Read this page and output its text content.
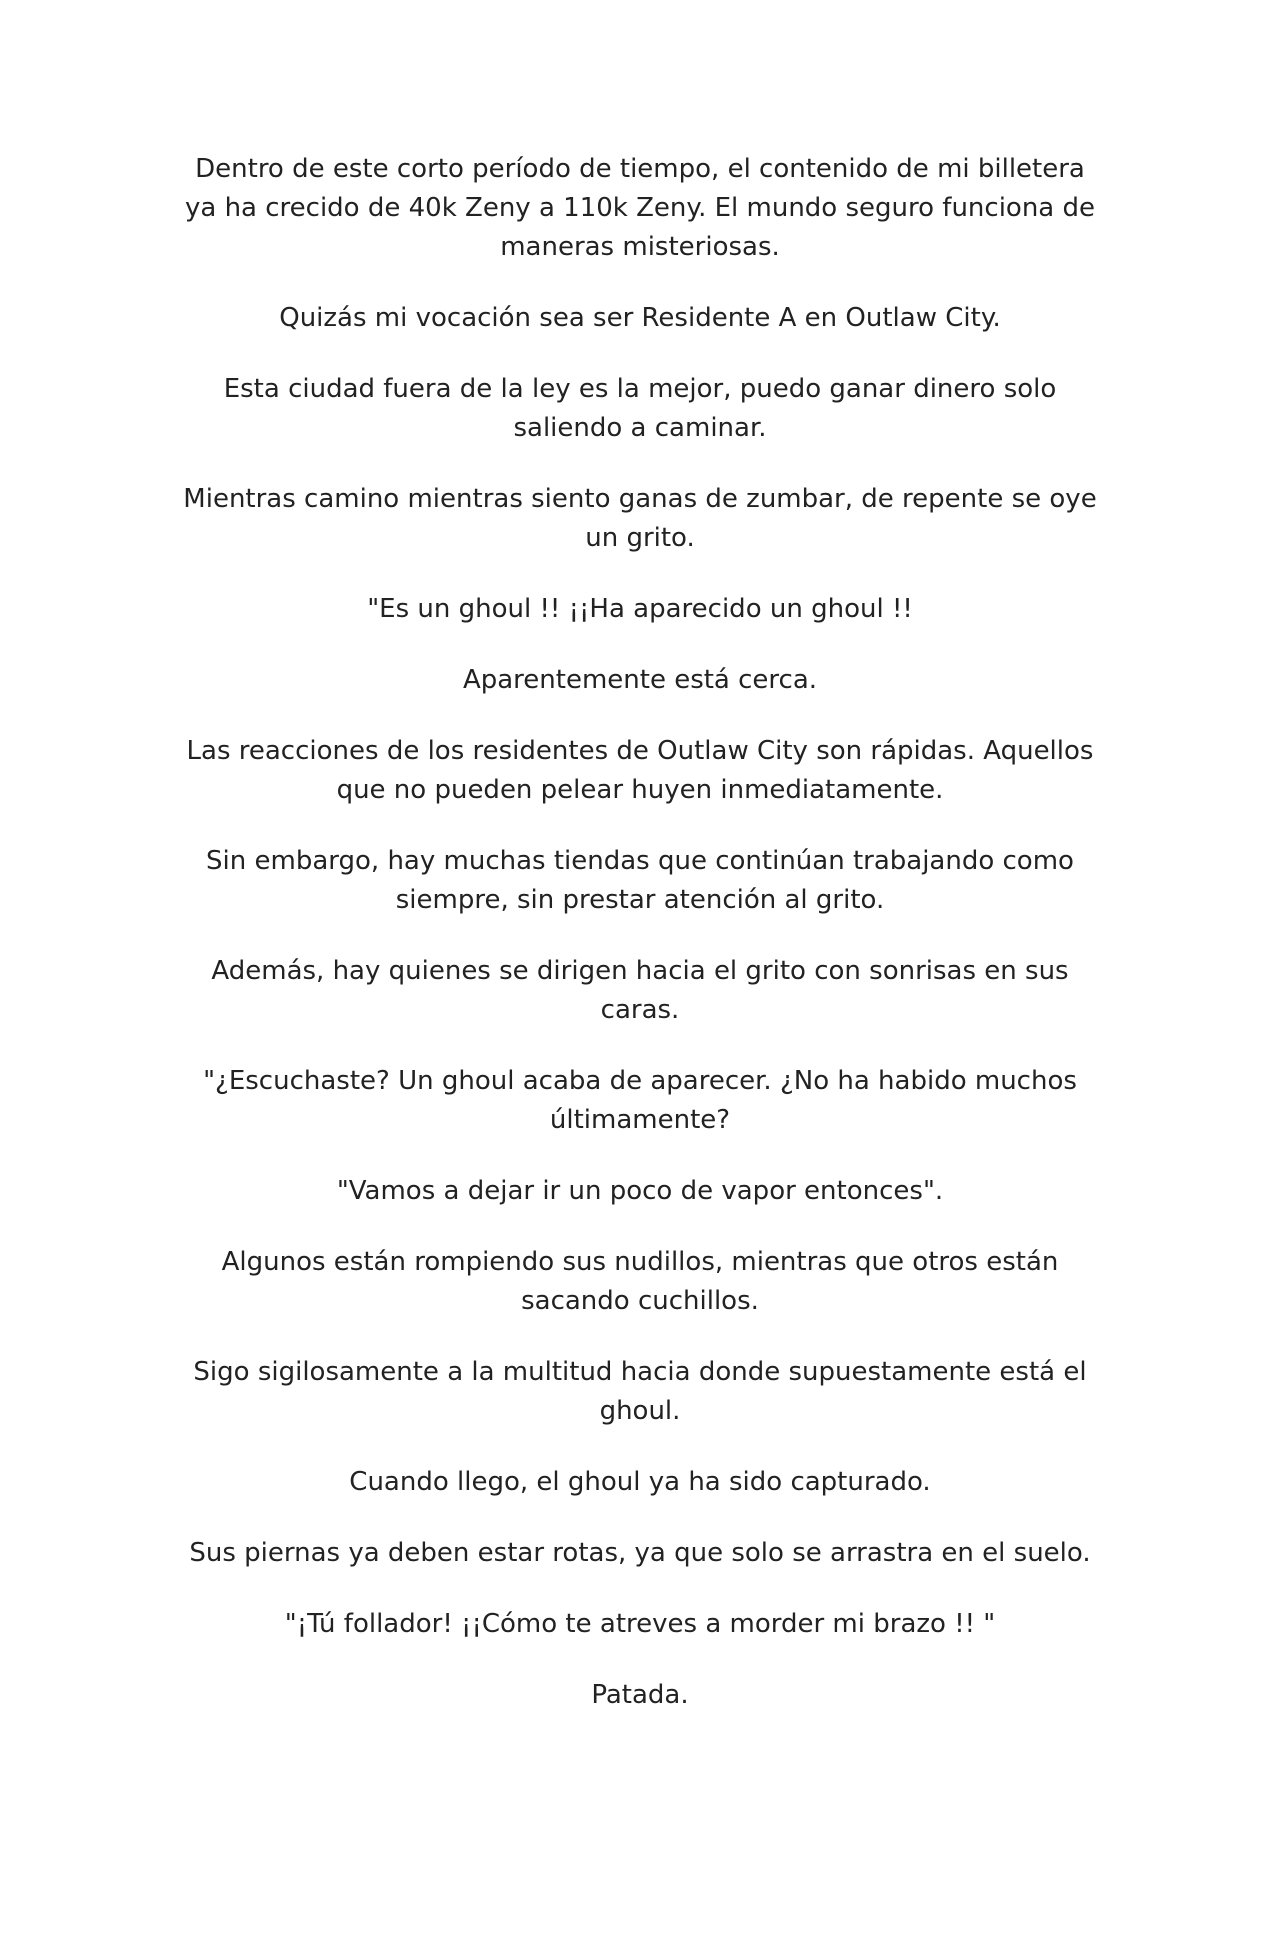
Dentro de este corto período de tiempo, el contenido de mi billetera ya ha crecido de 40k Zeny a 110k Zeny. El mundo seguro funciona de maneras misteriosas.

Quizás mi vocación sea ser Residente A en Outlaw City.

Esta ciudad fuera de la ley es la mejor, puedo ganar dinero solo saliendo a caminar.

Mientras camino mientras siento ganas de zumbar, de repente se oye un grito.

"Es un ghoul !! ¡¡Ha aparecido un ghoul !!

Aparentemente está cerca.

Las reacciones de los residentes de Outlaw City son rápidas. Aquellos que no pueden pelear huyen inmediatamente.

Sin embargo, hay muchas tiendas que continúan trabajando como siempre, sin prestar atención al grito.

Además, hay quienes se dirigen hacia el grito con sonrisas en sus caras.

"¿Escuchaste? Un ghoul acaba de aparecer. ¿No ha habido muchos últimamente?

"Vamos a dejar ir un poco de vapor entonces".

Algunos están rompiendo sus nudillos, mientras que otros están sacando cuchillos.

Sigo sigilosamente a la multitud hacia donde supuestamente está el ghoul.

Cuando llego, el ghoul ya ha sido capturado.

Sus piernas ya deben estar rotas, ya que solo se arrastra en el suelo.

"¡Tú follador! ¡¡Cómo te atreves a morder mi brazo !! "

Patada.
